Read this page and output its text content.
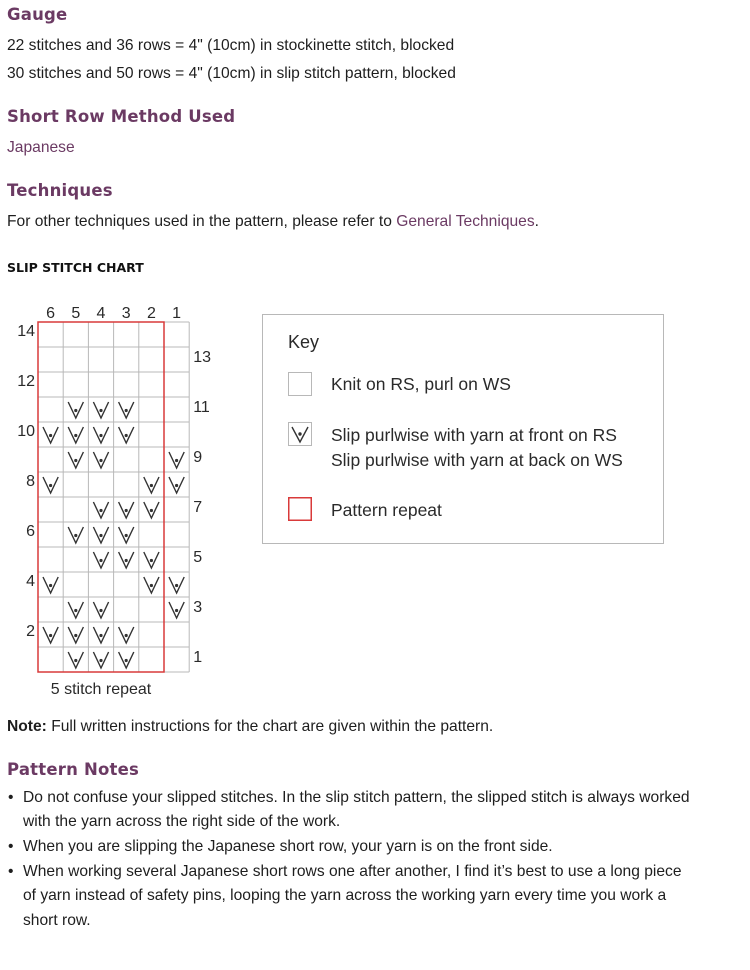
Gauge
22 stitches and 36 rows = 4" (10cm) in stockinette stitch, blocked
30 stitches and 50 rows = 4" (10cm) in slip stitch pattern, blocked
Short Row Method Used
Japanese
Techniques
For other techniques used in the pattern, please refer to General Techniques.
SLIP STITCH CHART
6 5 4 3 2 1
14
12
10
8
6
4
2
13
11
9
7
5
3
1
5 stitch repeat
Key
Knit on RS, purl on WS
Slip purlwise with yarn at front on RS
Slip purlwise with yarn at back on WS
Pattern repeat
Note: Full written instructions for the chart are given within the pattern.
Pattern Notes
• Do not confuse your slipped stitches. In the slip stitch pattern, the slipped stitch is always worked
with the yarn across the right side of the work.
• When you are slipping the Japanese short row, your yarn is on the front side.
• When working several Japanese short rows one after another, I find it’s best to use a long piece
of yarn instead of safety pins, looping the yarn across the working yarn every time you work a
short row.
